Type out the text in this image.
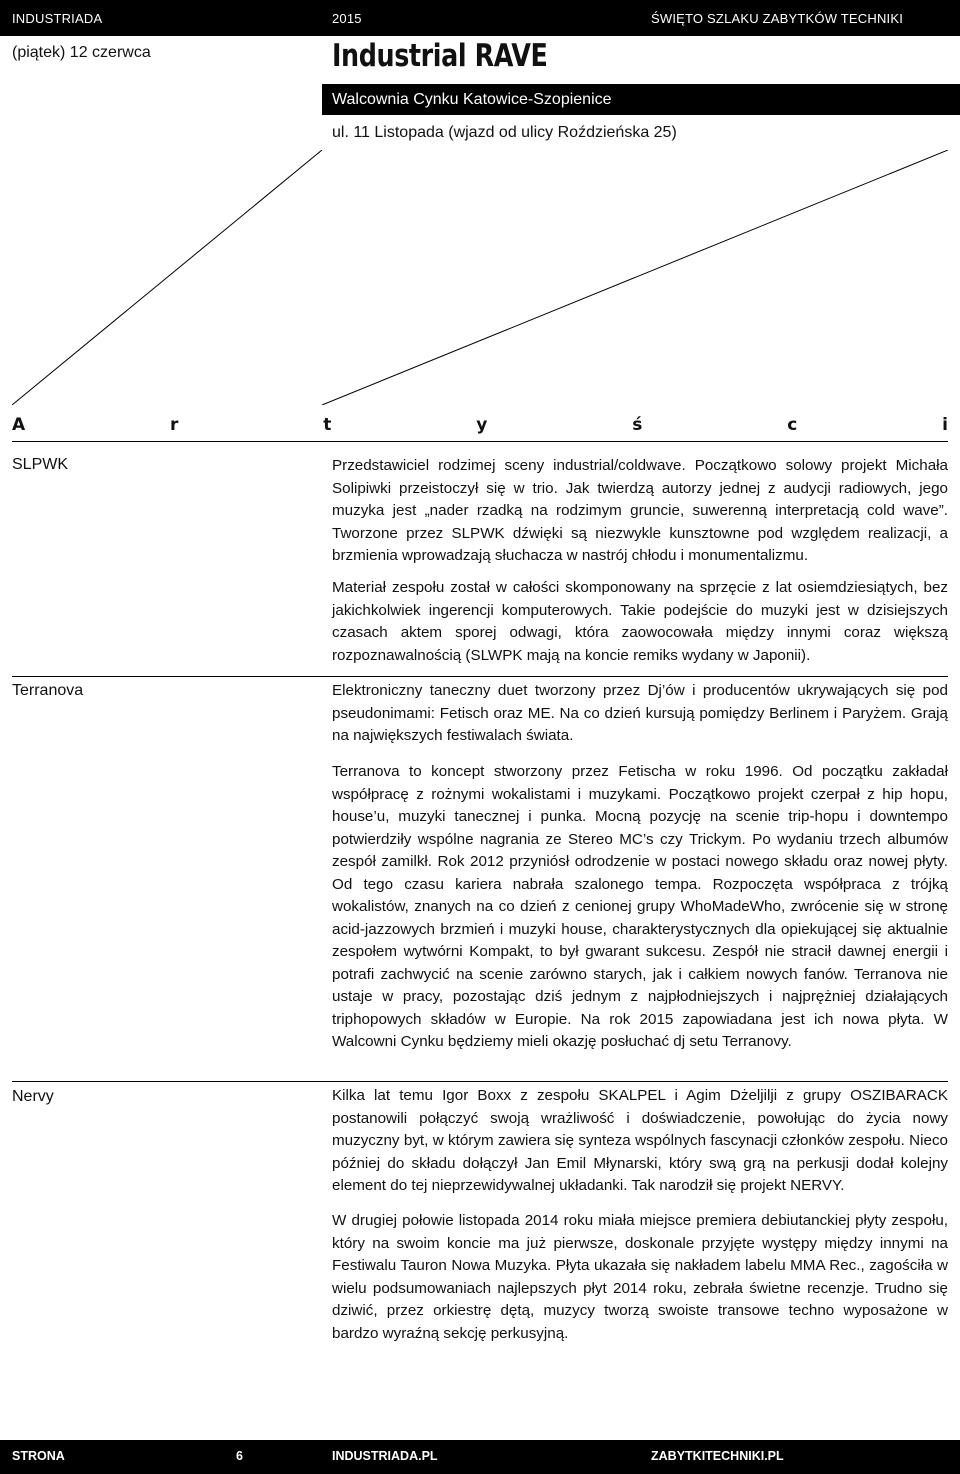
INDUSTRIADA	2015	ŚWIĘTO SZLAKU ZABYTKÓW TECHNIKI
(piątek) 12 czerwca	Industrial RAVE
Walcownia Cynku Katowice-Szopienice
ul. 11 Listopada (wjazd od ulicy Roździeńska 25)
A	r	t	y	ś	c	i
SLPWK	Przedstawiciel rodzimej sceny industrial/coldwave. Początkowo solowy projekt Michała Solipiwki przeistoczył się w trio. Jak twierdzą autorzy jednej z audycji radiowych, jego muzyka jest „nader rzadką na rodzimym gruncie, suwerenną interpretacją cold wave”. Tworzone przez SLPWK dźwięki są niezwykle kunsztowne pod względem realizacji, a brzmienia wprowadzają słuchacza w nastrój chłodu i monumentalizmu.
Materiał zespołu został w całości skomponowany na sprzęcie z lat osiemdziesiątych, bez jakichkolwiek ingerencji komputerowych. Takie podejście do muzyki jest w dzisiejszych czasach aktem sporej odwagi, która zaowocowała między innymi coraz większą rozpoznawalnością (SLWPK mają na koncie remiks wydany w Japonii).
Terranova	Elektroniczny taneczny duet tworzony przez Dj’ów i producentów ukrywających się pod pseudonimami: Fetisch oraz ME. Na co dzień kursują pomiędzy Berlinem i Paryżem. Grają na największych festiwalach świata.
Terranova to koncept stworzony przez Fetischa w roku 1996. Od początku zakładał współpracę z rożnymi wokalistami i muzykami. Początkowo projekt czerpał z hip hopu, house’u, muzyki tanecznej i punka. Mocną pozycję na scenie trip-hopu i downtempo potwierdziły wspólne nagrania ze Stereo MC’s czy Trickym. Po wydaniu trzech albumów zespół zamilkł. Rok 2012 przyniósł odrodzenie w postaci nowego składu oraz nowej płyty. Od tego czasu kariera nabrała szalonego tempa. Rozpoczęta współpraca z trójką wokalistów, znanych na co dzień z cenionej grupy WhoMadeWho, zwrócenie się w stronę acid-jazzowych brzmień i muzyki house, charakterystycznych dla opiekującej się aktualnie zespołem wytwórni Kompakt, to był gwarant sukcesu. Zespół nie stracił dawnej energii i potrafi zachwycić na scenie zarówno starych, jak i całkiem nowych fanów. Terranova nie ustaje w pracy, pozostając dziś jednym z najpłodniejszych i najprężniej działających triphopowych składów w Europie. Na rok 2015 zapowiadana jest ich nowa płyta. W Walcowni Cynku będziemy mieli okazję posłuchać dj setu Terranovy.
Nervy	Kilka lat temu Igor Boxx z zespołu SKALPEL i Agim Dżeljilji z grupy OSZIBARACK postanowili połączyć swoją wrażliwość i doświadczenie, powołując do życia nowy muzyczny byt, w którym zawiera się synteza wspólnych fascynacji członków zespołu. Nieco później do składu dołączył Jan Emil Młynarski, który swą grą na perkusji dodał kolejny element do tej nieprzewidywalnej układanki. Tak narodził się projekt NERVY.
W drugiej połowie listopada 2014 roku miała miejsce premiera debiutanckiej płyty zespołu, który na swoim koncie ma już pierwsze, doskonale przyjęte występy między innymi na Festiwalu Tauron Nowa Muzyka. Płyta ukazała się nakładem labelu MMA Rec., zagościła w wielu podsumowaniach najlepszych płyt 2014 roku, zebrała świetne recenzje. Trudno się dziwić, przez orkiestrę dętą, muzycy tworzą swoiste transowe techno wyposażone w bardzo wyraźną sekcję perkusyjną.
STRONA	6	INDUSTRIADA.PL	ZABYTKITECHNIKI.PL
